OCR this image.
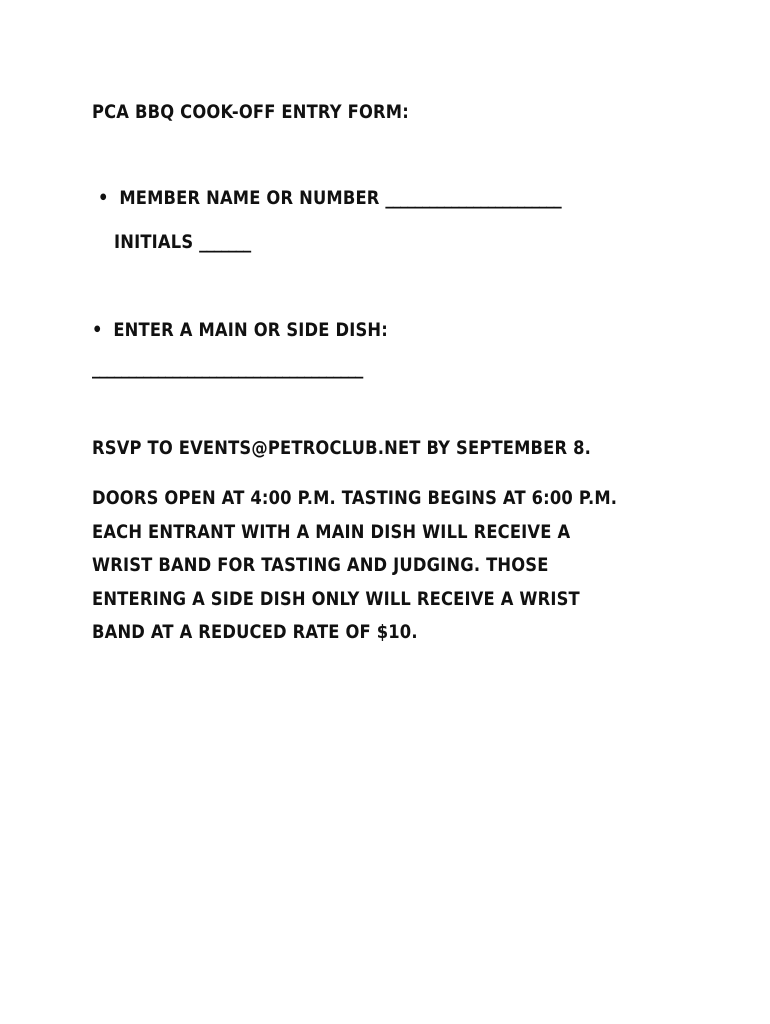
PCA BBQ COOK-OFF ENTRY FORM:
• MEMBER NAME OR NUMBER ________________________
INITIALS _______
• ENTER A MAIN OR SIDE DISH:
_____________________________________
RSVP TO EVENTS@PETROCLUB.NET BY SEPTEMBER 8.
DOORS OPEN AT 4:00 P.M. TASTING BEGINS AT 6:00 P.M.
EACH ENTRANT WITH A MAIN DISH WILL RECEIVE A
WRIST BAND FOR TASTING AND JUDGING. THOSE
ENTERING A SIDE DISH ONLY WILL RECEIVE A WRIST
BAND AT A REDUCED RATE OF $10.
